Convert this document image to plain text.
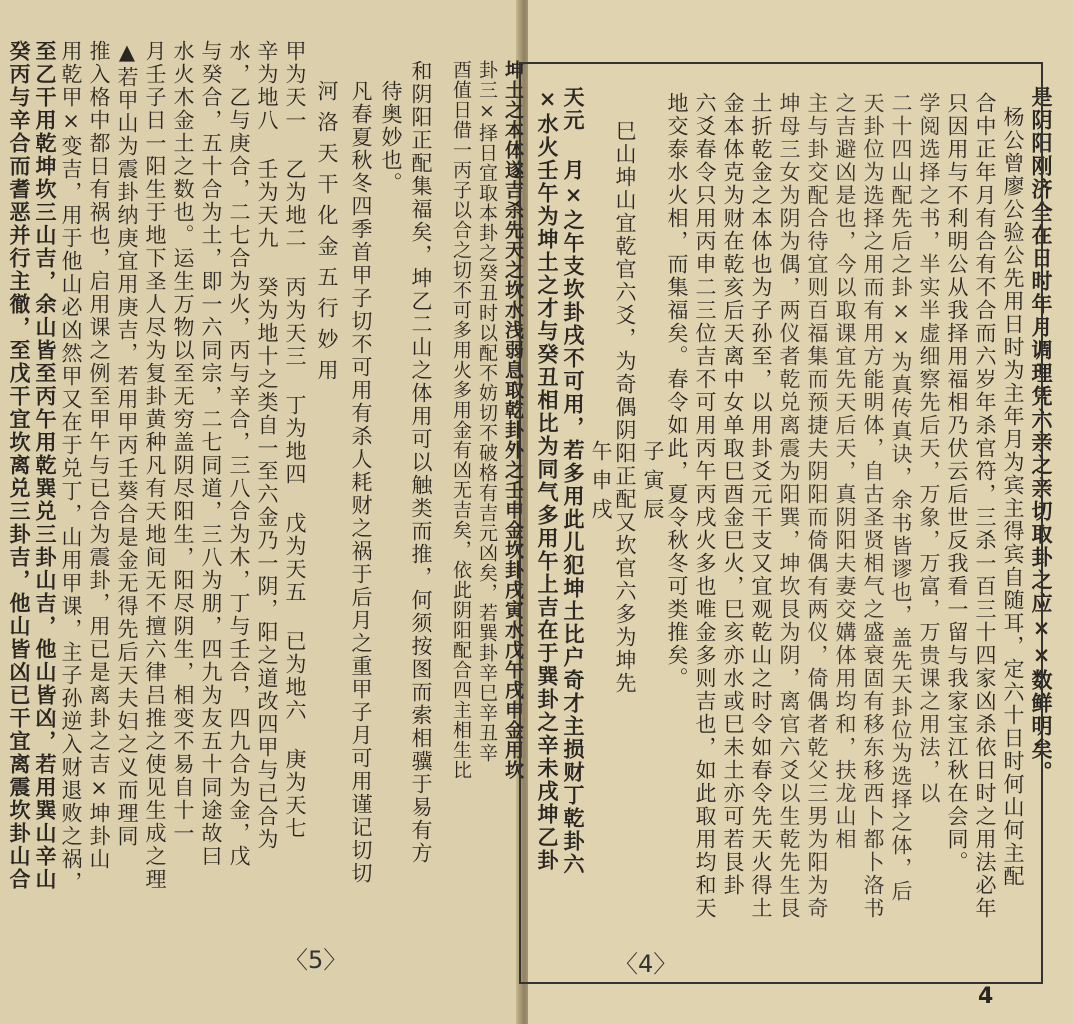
甲为天一 乙为地二 丙为天三 丁为地四 戊为天五 已为地六 庚为天七
辛为地八 壬为天九 癸为地十之类自一至六金乃一阴，阳之道改四甲与已合为
水，乙与庚合，二七合为火，丙与辛合，三八合为木，丁与壬合，四九合为金，戊
与癸合，五十合为土，即一六同宗，二七同道，三八为朋，四九为友五十同途故曰
水火木金土之数也。运生万物以至无穷盖阴尽阳生，阳尽阴生，相变不易自十一
月壬子日一阳生于地下圣人尽为复卦黄种凡有天地间无不擅六律吕推之使见生成之理
▲若甲山为震卦纳庚宜用庚吉，若用甲丙壬葵合是金无得先后天夫妇之义而理同
推入格中都日有祸也，启用课之例至甲午与已合为震卦，用已是离卦之吉×坤卦山
用乾甲×变吉，用于他山必凶然甲又在于兑丁，山用甲课，主子孙逆入财退败之祸，
至乙干用乾坤坎三山吉，余山皆至丙午用乾巽兑三卦山吉，他山皆凶，若用巽山辛山
癸丙与辛合而耆恶并行主徹，至戊干宜坎离兑三卦吉，他山皆凶已干宜离震坎卦山合	河洛天干化金五行妙用 凡春夏秋冬四季首甲子切不可用有杀人耗财之祸于后月之重甲子月可用谨记切切 待奥妙也。 和阴阳正配集福矣，坤乙二山之体用可以触类而推，何须按图而索相骥于易有方
〈5〉
是阴阳刚济全在日时年月调理凭六亲之亲切取卦之应××数鲜明矣。
杨公曾廖公验公先用日时为主年月为宾主得宾自随耳，定六十日时何山何主配
合中正年月有合有不合而六岁年杀官符，三杀一百三十四家凶杀依日时之用法必年
只因用与不利明公从我择用福相乃伏云后世反我看一留与我家宝江秋在会同。
学阅选择之书，半实半虚细察先后天，万象，万富，万贵课之用法，以
二十四山配先后之卦××为真传真诀，余书皆谬也，盖先天卦位为选择之体，后
天卦位为选择之用而有用方能明体，自古圣贤相气之盛衰固有移东移西卜都卜洛书
之吉避凶是也，今以取课宜先天后天，真阴阳夫妻交媾体用均和，扶龙山相
主与卦交配合待宜则百福集而预捷夫阴阳而倚偶有两仪，倚偶者乾父三男为阳为奇
坤母三女为阴为偶，两仪者乾兑离震为阳巽，坤坎艮为阴，离官六爻以生乾先生艮
土折乾金之本体也为子孙至，以用卦爻元干支又宜观乾山之时令如春令先天火得土
金本体克为财在乾亥后天离中女单取巳酉金巳火，巳亥亦水或巳未土亦可若艮卦
六爻春令只用丙申二三位吉不可用丙午丙戌火多也唯金多则吉也，如此取用均和天
地交泰水火相，而集福矣。春令如此，夏令秋冬可类推矣。
子寅辰
巳山坤山宜乾官六爻，为奇偶阴阳正配又坎官六多为坤先
午申戌
天元 月×之午支坎卦戌不可用，若多用此儿犯坤土比户奇才主损财丁乾卦六
×水火壬午为坤土之才与癸丑相比为同气多用午上吉在于巽卦之辛未戌坤乙卦
坤土之本体遂吉杀先天之坎水浅弱息取乾卦外之壬申金坎卦戌寅水戊午戌申金用坎
卦三×择日宜取本卦之癸丑时以配不妨切不破格有吉元凶矣，若巽卦辛巳辛丑辛
酉值日借一丙子以合之切不可多用火多用金有凶无吉矣，依此阴阳配合四主相生比
〈4〉
4
